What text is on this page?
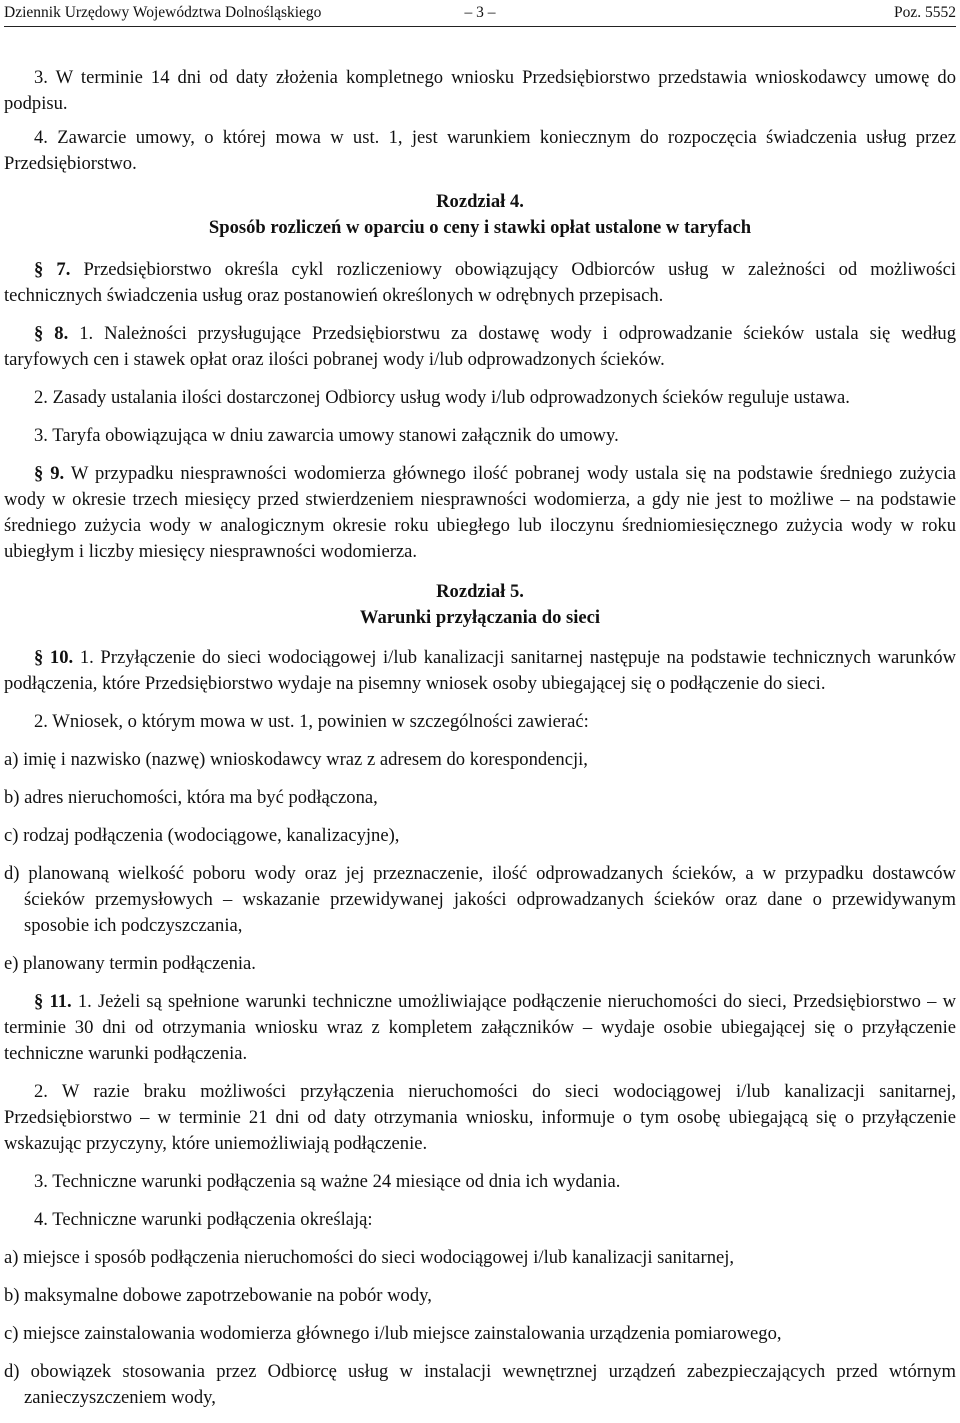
Dziennik Urzędowy Województwa Dolnośląskiego	– 3 –	Poz. 5552

3. W terminie 14 dni od daty złożenia kompletnego wniosku Przedsiębiorstwo przedstawia wnioskodawcy umowę do podpisu.

4. Zawarcie umowy, o której mowa w ust. 1, jest warunkiem koniecznym do rozpoczęcia świadczenia usług przez Przedsiębiorstwo.

Rozdział 4.
Sposób rozliczeń w oparciu o ceny i stawki opłat ustalone w taryfach

§ 7. Przedsiębiorstwo określa cykl rozliczeniowy obowiązujący Odbiorców usług w zależności od możliwości technicznych świadczenia usług oraz postanowień określonych w odrębnych przepisach.

§ 8. 1. Należności przysługujące Przedsiębiorstwu za dostawę wody i odprowadzanie ścieków ustala się według taryfowych cen i stawek opłat oraz ilości pobranej wody i/lub odprowadzonych ścieków.

2. Zasady ustalania ilości dostarczonej Odbiorcy usług wody i/lub odprowadzonych ścieków reguluje ustawa.

3. Taryfa obowiązująca w dniu zawarcia umowy stanowi załącznik do umowy.

§ 9. W przypadku niesprawności wodomierza głównego ilość pobranej wody ustala się na podstawie średniego zużycia wody w okresie trzech miesięcy przed stwierdzeniem niesprawności wodomierza, a gdy nie jest to możliwe – na podstawie średniego zużycia wody w analogicznym okresie roku ubiegłego lub iloczynu średniomiesięcznego zużycia wody w roku ubiegłym i liczby miesięcy niesprawności wodomierza.

Rozdział 5.
Warunki przyłączania do sieci

§ 10. 1. Przyłączenie do sieci wodociągowej i/lub kanalizacji sanitarnej następuje na podstawie technicznych warunków podłączenia, które Przedsiębiorstwo wydaje na pisemny wniosek osoby ubiegającej się o podłączenie do sieci.

2. Wniosek, o którym mowa w ust. 1, powinien w szczególności zawierać:

a) imię i nazwisko (nazwę) wnioskodawcy wraz z adresem do korespondencji,

b) adres nieruchomości, która ma być podłączona,

c) rodzaj podłączenia (wodociągowe, kanalizacyjne),

d) planowaną wielkość poboru wody oraz jej przeznaczenie, ilość odprowadzanych ścieków, a w przypadku dostawców ścieków przemysłowych – wskazanie przewidywanej jakości odprowadzanych ścieków oraz dane o przewidywanym sposobie ich podczyszczania,

e) planowany termin podłączenia.

§ 11. 1. Jeżeli są spełnione warunki techniczne umożliwiające podłączenie nieruchomości do sieci, Przedsiębiorstwo – w terminie 30 dni od otrzymania wniosku wraz z kompletem załączników – wydaje osobie ubiegającej się o przyłączenie techniczne warunki podłączenia.

2. W razie braku możliwości przyłączenia nieruchomości do sieci wodociągowej i/lub kanalizacji sanitarnej, Przedsiębiorstwo – w terminie 21 dni od daty otrzymania wniosku, informuje o tym osobę ubiegającą się o przyłączenie wskazując przyczyny, które uniemożliwiają podłączenie.

3. Techniczne warunki podłączenia są ważne 24 miesiące od dnia ich wydania.

4. Techniczne warunki podłączenia określają:

a) miejsce i sposób podłączenia nieruchomości do sieci wodociągowej i/lub kanalizacji sanitarnej,

b) maksymalne dobowe zapotrzebowanie na pobór wody,

c) miejsce zainstalowania wodomierza głównego i/lub miejsce zainstalowania urządzenia pomiarowego,

d) obowiązek stosowania przez Odbiorcę usług w instalacji wewnętrznej urządzeń zabezpieczających przed wtórnym zanieczyszczeniem wody,
